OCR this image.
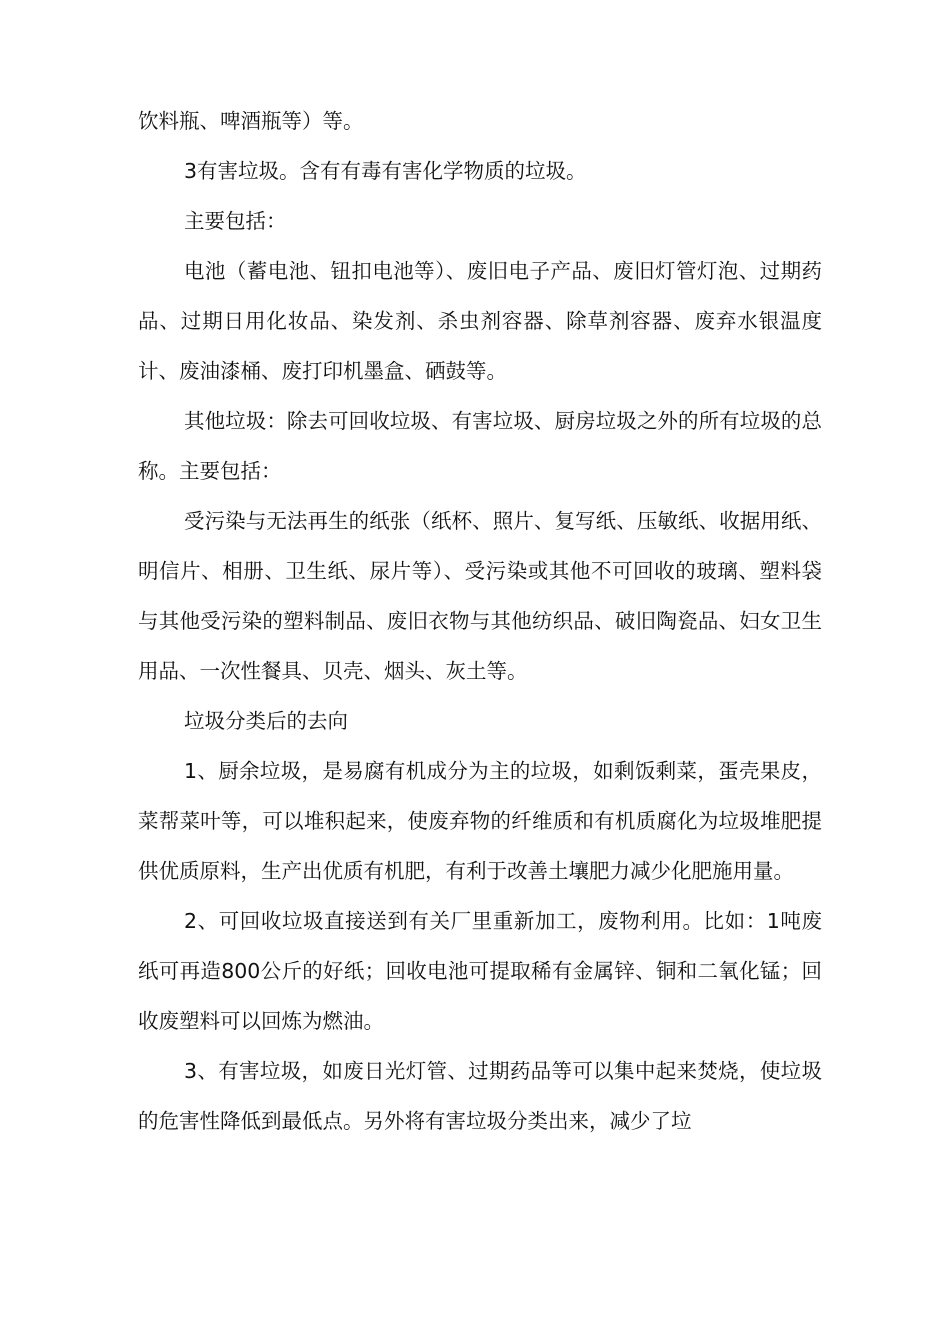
饮料瓶、啤酒瓶等）等。

3有害垃圾。含有有毒有害化学物质的垃圾。

主要包括：

电池（蓄电池、钮扣电池等）、废旧电子产品、废旧灯管灯泡、过期药品、过期日用化妆品、染发剂、杀虫剂容器、除草剂容器、废弃水银温度计、废油漆桶、废打印机墨盒、硒鼓等。

其他垃圾：除去可回收垃圾、有害垃圾、厨房垃圾之外的所有垃圾的总称。主要包括：

受污染与无法再生的纸张（纸杯、照片、复写纸、压敏纸、收据用纸、明信片、相册、卫生纸、尿片等）、受污染或其他不可回收的玻璃、塑料袋与其他受污染的塑料制品、废旧衣物与其他纺织品、破旧陶瓷品、妇女卫生用品、一次性餐具、贝壳、烟头、灰土等。

垃圾分类后的去向

1、厨余垃圾，是易腐有机成分为主的垃圾，如剩饭剩菜，蛋壳果皮，菜帮菜叶等，可以堆积起来，使废弃物的纤维质和有机质腐化为垃圾堆肥提供优质原料，生产出优质有机肥，有利于改善土壤肥力减少化肥施用量。

2、可回收垃圾直接送到有关厂里重新加工，废物利用。比如：1吨废纸可再造800公斤的好纸；回收电池可提取稀有金属锌、铜和二氧化锰；回收废塑料可以回炼为燃油。

3、有害垃圾，如废日光灯管、过期药品等可以集中起来焚烧，使垃圾的危害性降低到最低点。另外将有害垃圾分类出来，减少了垃
